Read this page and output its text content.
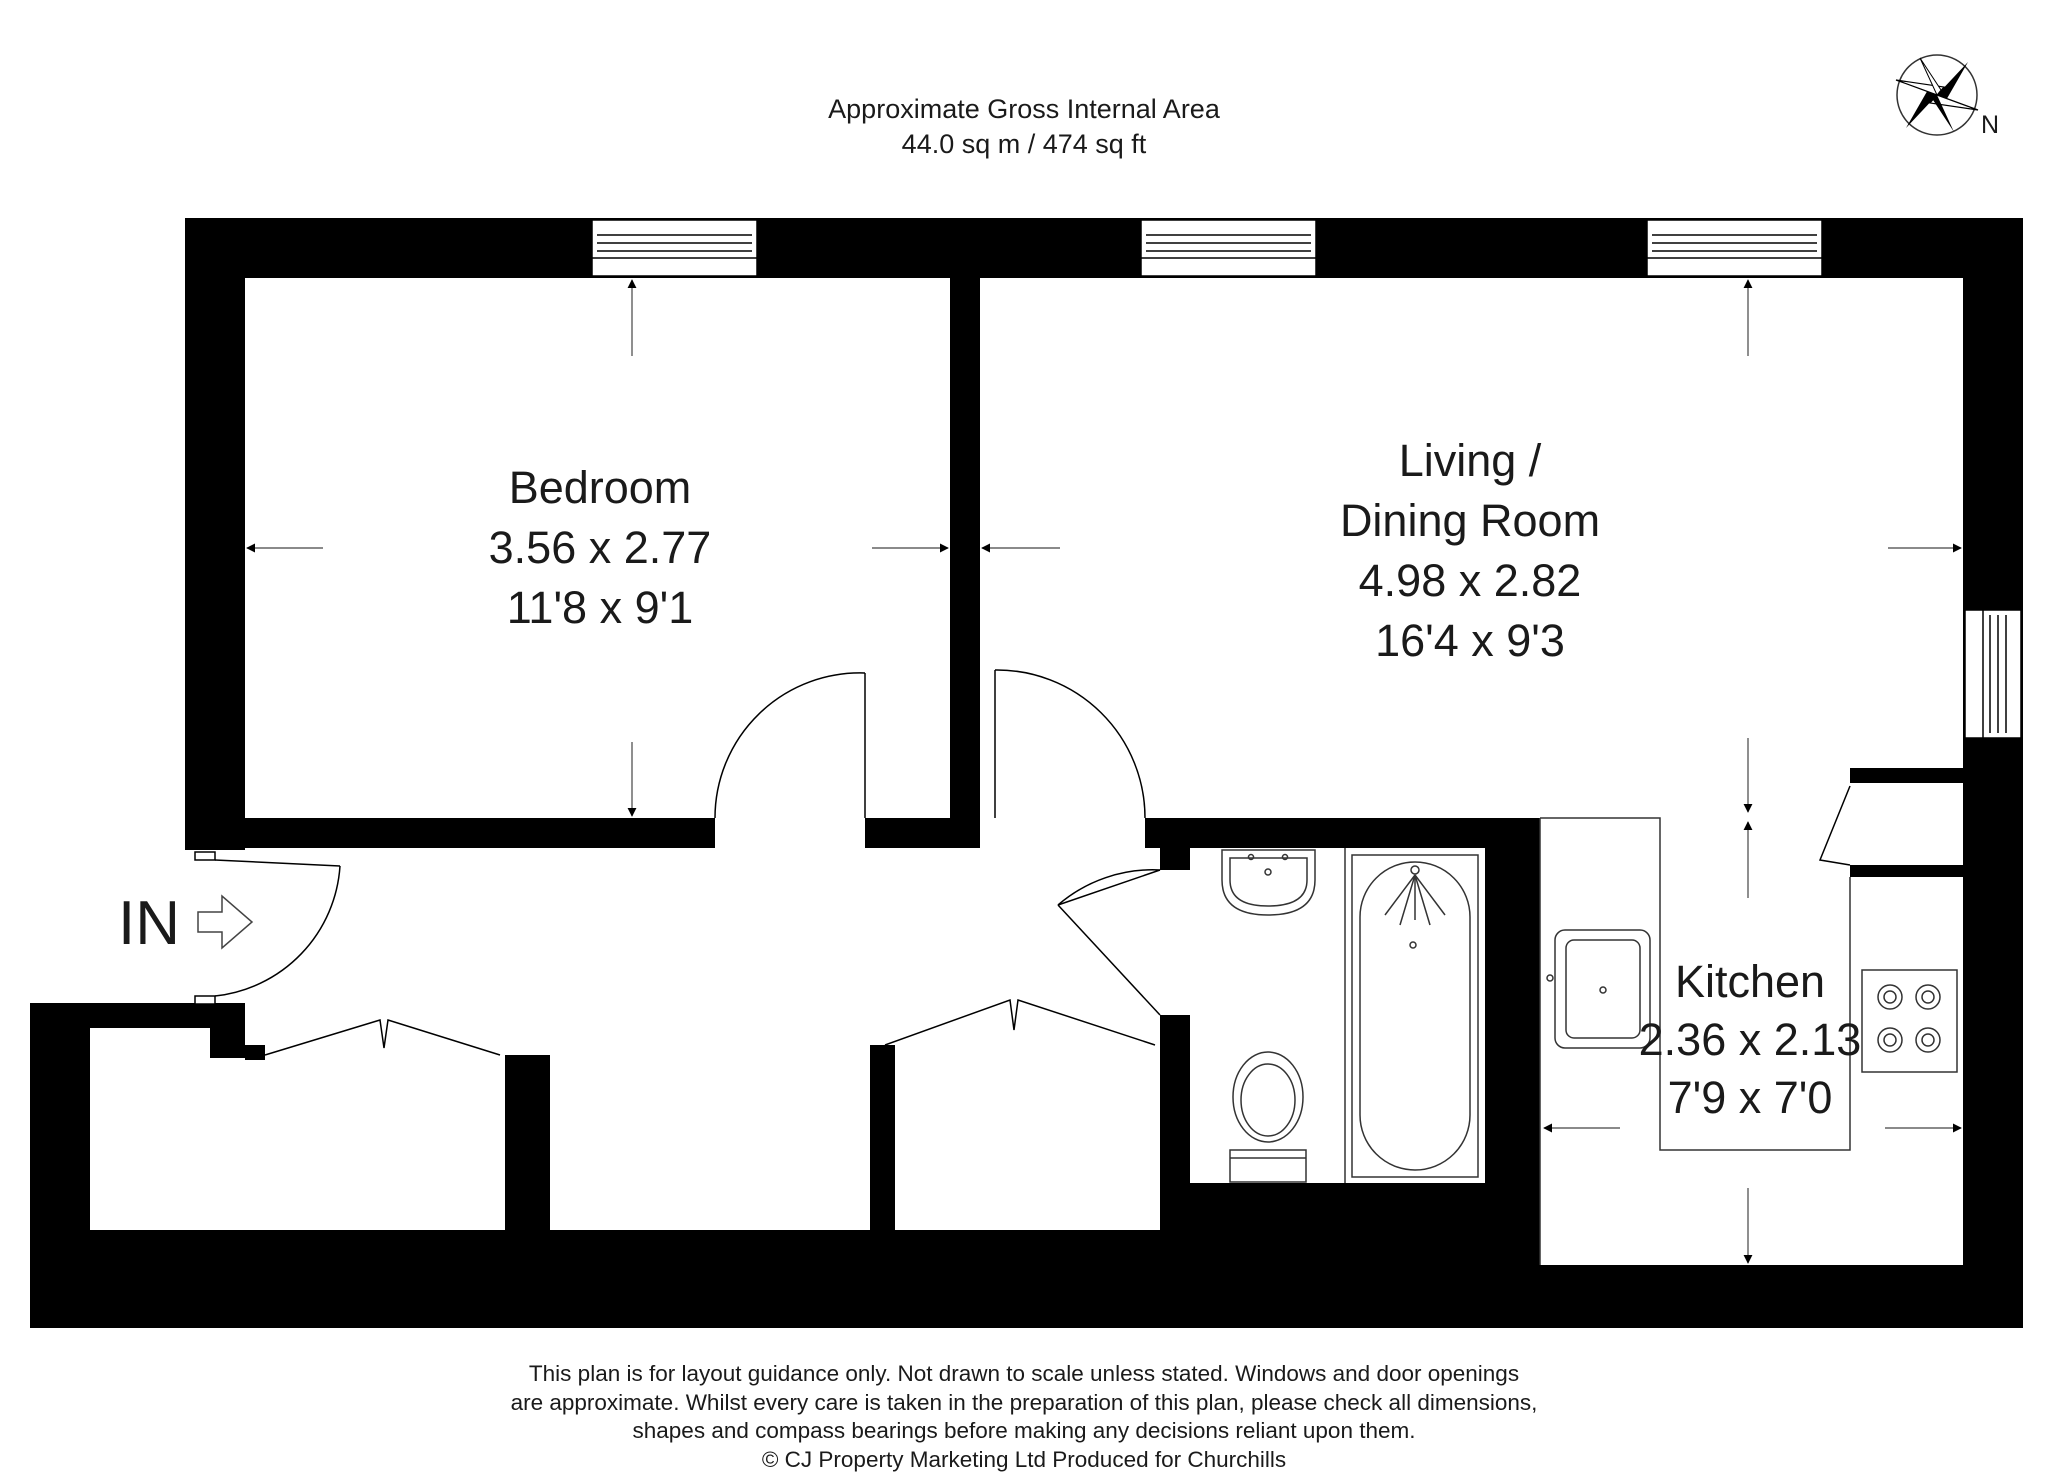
Approximate Gross Internal Area
44.0 sq m / 474 sq ft
N
IN
Bedroom
3.56 x 2.77
11'8 x 9'1
Living /
Dining Room
4.98 x 2.82
16'4 x 9'3
Kitchen
2.36 x 2.13
7'9 x 7'0
This plan is for layout guidance only. Not drawn to scale unless stated. Windows and door openings
are approximate. Whilst every care is taken in the preparation of this plan, please check all dimensions,
shapes and compass bearings before making any decisions reliant upon them.
© CJ Property Marketing Ltd Produced for Churchills
